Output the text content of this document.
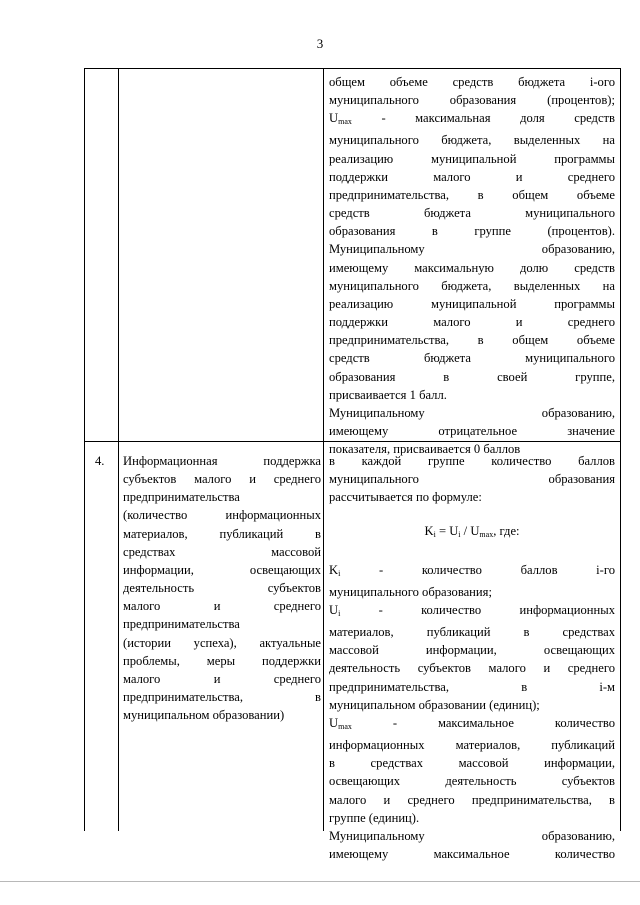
3

общем объеме средств бюджета i-ого

муниципального образования (процентов);

$U_{max}$ - максимальная доля средств

муниципального бюджета, выделенных на

реализацию муниципальной программы

поддержки малого и среднего

предпринимательства, в общем объеме

средств бюджета муниципального

образования в группе (процентов).

Муниципальному образованию,

имеющему максимальную долю средств

муниципального бюджета, выделенных на

реализацию муниципальной программы

поддержки малого и среднего

предпринимательства, в общем объеме

средств бюджета муниципального

образования в своей группе,

присваивается 1 балл.

Муниципальному образованию,

имеющему отрицательное значение

показателя, присваивается 0 баллов

4. Информационная поддержка

субъектов малого и среднего

предпринимательства

(количество информационных

материалов, публикаций в

средствах массовой

информации, освещающих

деятельность субъектов

малого и среднего

предпринимательства

(истории успеха), актуальные

проблемы, меры поддержки

малого и среднего

предпринимательства, в

муниципальном образовании)

в каждой группе количество баллов

муниципального образования

рассчитывается по формуле:

$K_i = U_i / U_{max}$, где:

$K_i$ - количество баллов i-го

муниципального образования;

$U_i$ - количество информационных

материалов, публикаций в средствах

массовой информации, освещающих

деятельность субъектов малого и среднего

предпринимательства, в i-м

муниципальном образовании (единиц);

$U_{max}$ - максимальное количество

информационных материалов, публикаций

в средствах массовой информации,

освещающих деятельность субъектов

малого и среднего предпринимательства, в

группе (единиц).

Муниципальному образованию,

имеющему максимальное количество
